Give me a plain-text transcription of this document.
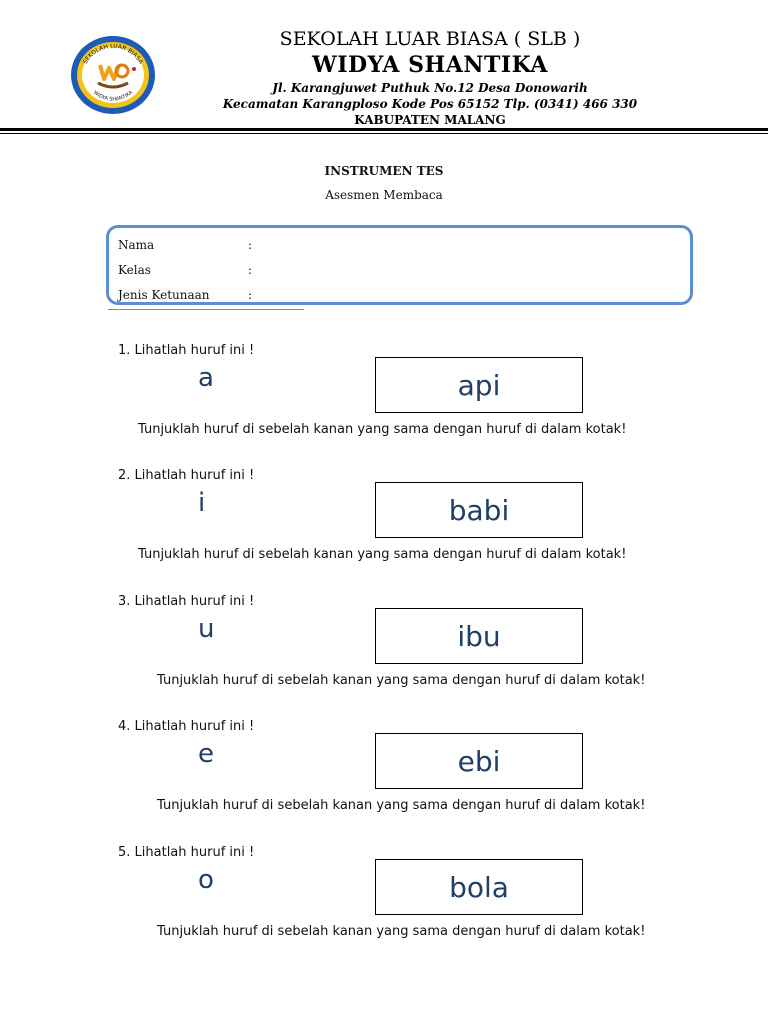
SEKOLAH LUAR BIASA
WIDYA SHANTIKA
SEKOLAH LUAR BIASA ( SLB )
WIDYA SHANTIKA
Jl. Karangjuwet Puthuk No.12 Desa Donowarih
Kecamatan Karangploso Kode Pos 65152 Tlp. (0341) 466 330
KABUPATEN MALANG
INSTRUMEN TES
Asesmen Membaca
Nama	:
Kelas	:
Jenis Ketunaan	:
1. Lihatlah huruf ini !
a	api
Tunjuklah huruf di sebelah kanan yang sama dengan huruf di dalam kotak!
2. Lihatlah huruf ini !
i	babi
Tunjuklah huruf di sebelah kanan yang sama dengan huruf di dalam kotak!
3. Lihatlah huruf ini !
u	ibu
Tunjuklah huruf di sebelah kanan yang sama dengan huruf di dalam kotak!
4. Lihatlah huruf ini !
e	ebi
Tunjuklah huruf di sebelah kanan yang sama dengan huruf di dalam kotak!
5. Lihatlah huruf ini !
o	bola
Tunjuklah huruf di sebelah kanan yang sama dengan huruf di dalam kotak!
